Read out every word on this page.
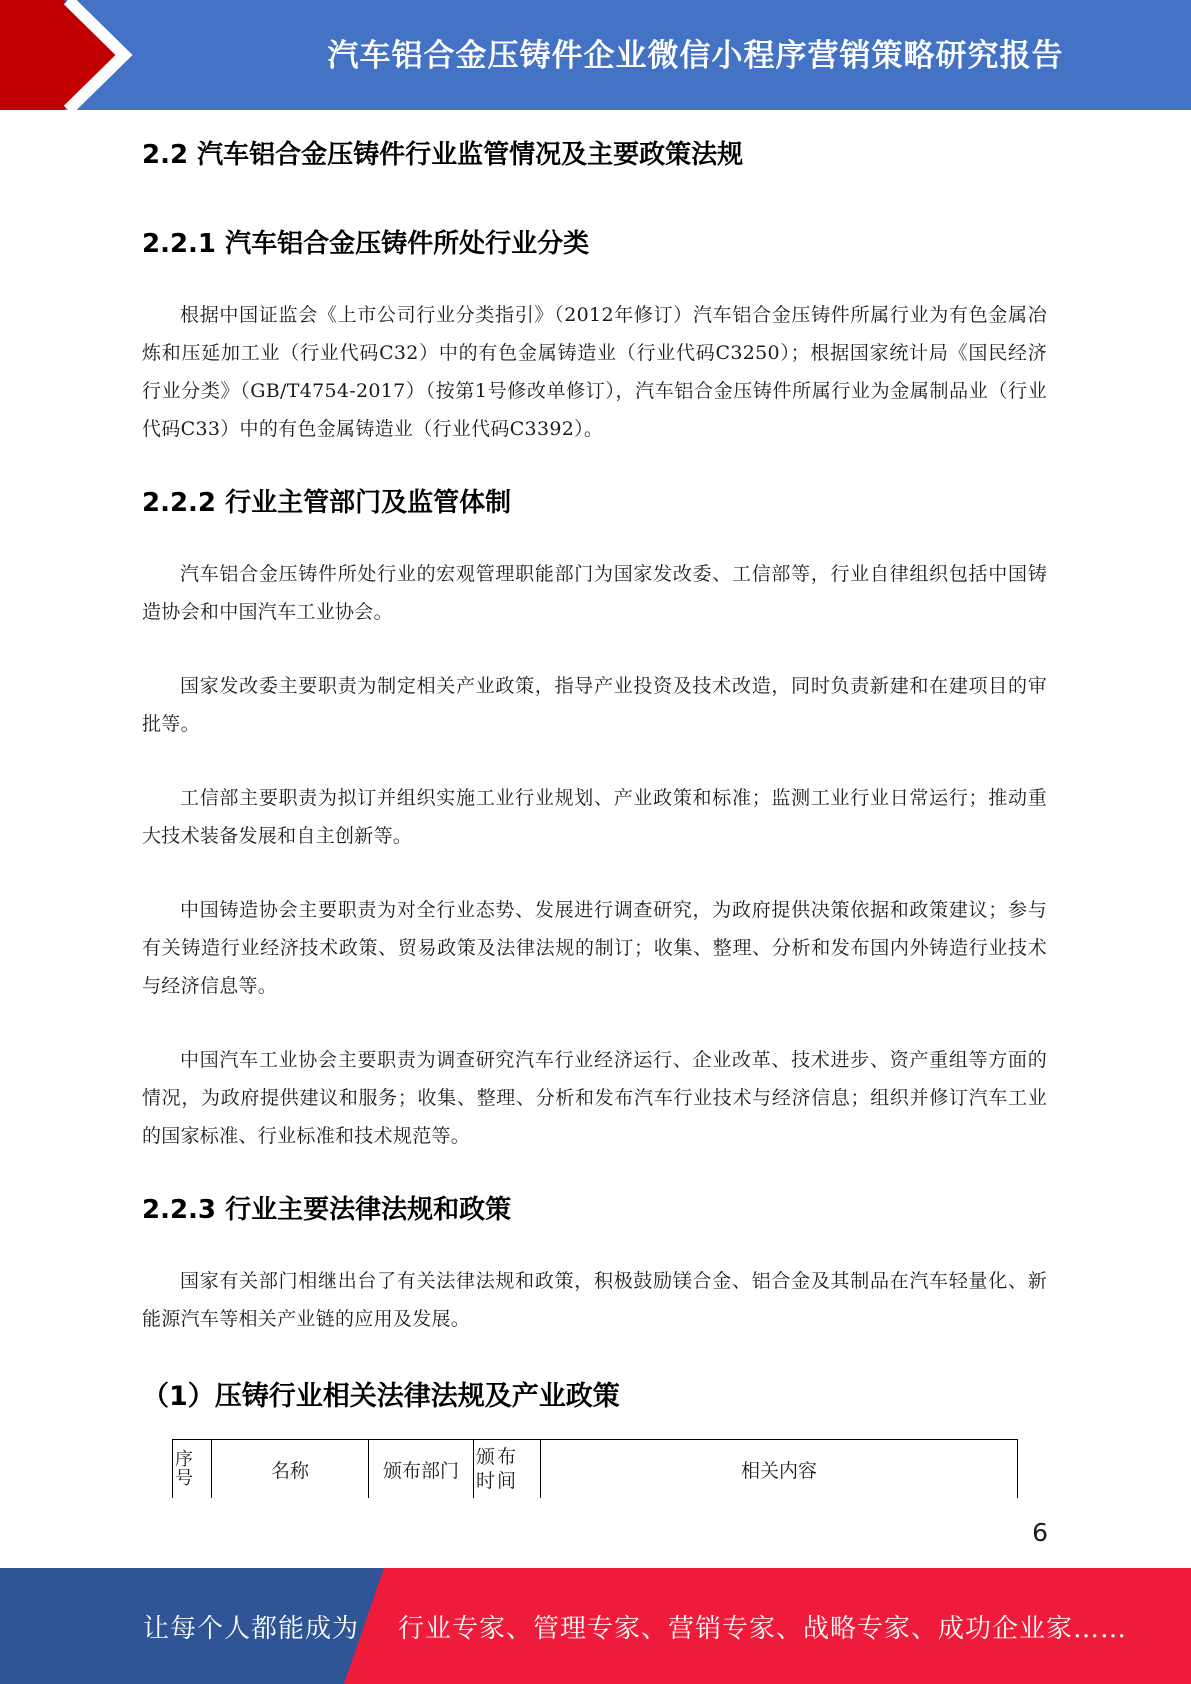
汽车铝合金压铸件企业微信小程序营销策略研究报告
2.2 汽车铝合金压铸件行业监管情况及主要政策法规
2.2.1 汽车铝合金压铸件所处行业分类

根据中国证监会《上市公司行业分类指引》（2012年修订）汽车铝合金压铸件所属行业为有色金属冶炼和压延加工业（行业代码C32）中的有色金属铸造业（行业代码C3250）；根据国家统计局《国民经济行业分类》（GB/T4754-2017）（按第1号修改单修订），汽车铝合金压铸件所属行业为金属制品业（行业代码C33）中的有色金属铸造业（行业代码C3392）。

2.2.2 行业主管部门及监管体制

汽车铝合金压铸件所处行业的宏观管理职能部门为国家发改委、工信部等，行业自律组织包括中国铸造协会和中国汽车工业协会。

国家发改委主要职责为制定相关产业政策，指导产业投资及技术改造，同时负责新建和在建项目的审批等。

工信部主要职责为拟订并组织实施工业行业规划、产业政策和标准；监测工业行业日常运行；推动重大技术装备发展和自主创新等。

中国铸造协会主要职责为对全行业态势、发展进行调查研究，为政府提供决策依据和政策建议；参与有关铸造行业经济技术政策、贸易政策及法律法规的制订；收集、整理、分析和发布国内外铸造行业技术与经济信息等。

中国汽车工业协会主要职责为调查研究汽车行业经济运行、企业改革、技术进步、资产重组等方面的情况，为政府提供建议和服务；收集、整理、分析和发布汽车行业技术与经济信息；组织并修订汽车工业的国家标准、行业标准和技术规范等。

2.2.3 行业主要法律法规和政策

国家有关部门相继出台了有关法律法规和政策，积极鼓励镁合金、铝合金及其制品在汽车轻量化、新能源汽车等相关产业链的应用及发展。

（1）压铸行业相关法律法规及产业政策
序号	名称	颁布部门	颁布时间	相关内容
6
让每个人都能成为 行业专家、管理专家、营销专家、战略专家、成功企业家……
